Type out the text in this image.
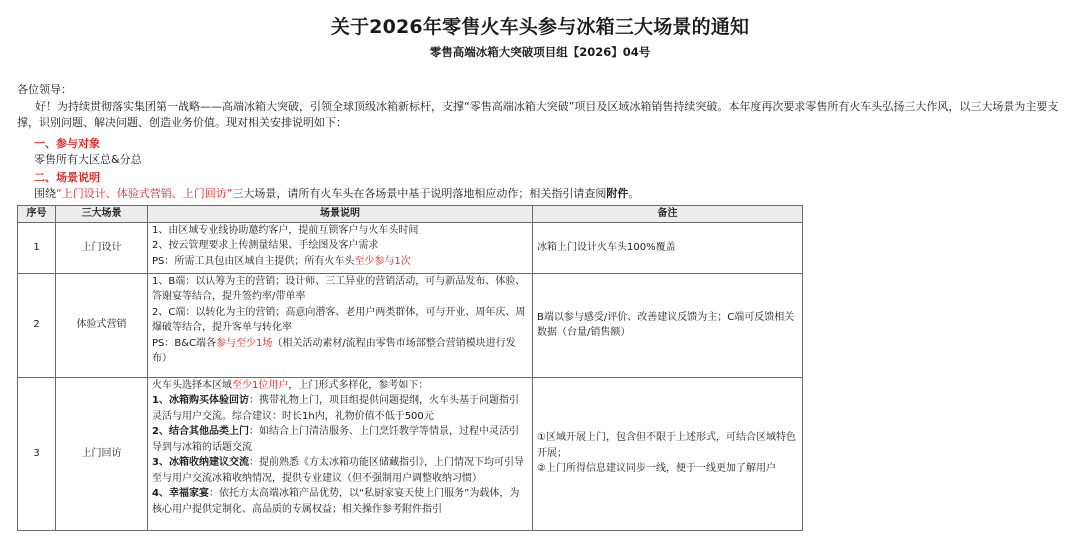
关于2026年零售火车头参与冰箱三大场景的通知
零售高端冰箱大突破项目组【2026】04号
各位领导：
好！为持续贯彻落实集团第一战略——高端冰箱大突破，引领全球顶级冰箱新标杆，支撑“零售高端冰箱大突破”项目及区域冰箱销售持续突破。本年度再次要求零售所有火车头弘扬三大作风，以三大场景为主要支撑，识别问题、解决问题、创造业务价值。现对相关安排说明如下：
一、参与对象
零售所有大区总&分总
二、场景说明
围绕“上门设计、体验式营销、上门回访”三大场景，请所有火车头在各场景中基于说明落地相应动作；相关指引请查阅附件。
序号	三大场景	场景说明	备注
1	上门设计	1、由区域专业线协助邀约客户，提前互锁客户与火车头时间
2、按云管理要求上传测量结果、手绘图及客户需求
PS：所需工具包由区域自主提供；所有火车头至少参与1次	冰箱上门设计火车头100%覆盖
2	体验式营销	1、B端：以认筹为主的营销；设计师、三工异业的营销活动，可与新品发布、体验、答谢宴等结合，提升签约率/带单率
2、C端：以转化为主的营销；高意向潜客、老用户两类群体，可与开业、周年庆、周爆破等结合，提升客单与转化率
PS：B&C端各参与至少1场（相关活动素材/流程由零售市场部整合营销模块进行发布）	B端以参与感受/评价、改善建议反馈为主；C端可反馈相关数据（台量/销售额）
3	上门回访	火车头选择本区域至少1位用户，上门形式多样化，参考如下：
1、冰箱购买体验回访：携带礼物上门，项目组提供问题提纲，火车头基于问题指引灵活与用户交流。综合建议：时长1h内，礼物价值不低于500元
2、结合其他品类上门：如结合上门清洁服务、上门烹饪教学等情景，过程中灵活引导到与冰箱的话题交流
3、冰箱收纳建议交流：提前熟悉《方太冰箱功能区储藏指引》，上门情况下均可引导至与用户交流冰箱收纳情况，提供专业建议（但不强制用户调整收纳习惯）
4、幸福家宴：依托方太高端冰箱产品优势，以“私厨家宴天使上门服务”为载体，为核心用户提供定制化、高品质的专属权益；相关操作参考附件指引	①区域开展上门，包含但不限于上述形式，可结合区域特色开展；
②上门所得信息建议同步一线，便于一线更加了解用户
